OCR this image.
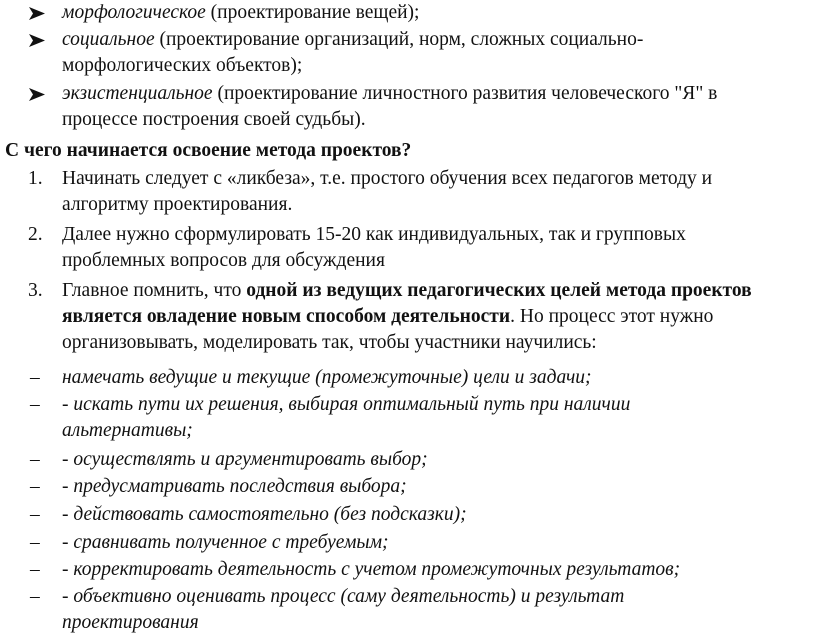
морфологическое (проектирование вещей);
социальное (проектирование организаций, норм, сложных социально-
морфологических объектов);
экзистенциальное (проектирование личностного развития человеческого "Я" в
процессе построения своей судьбы).
С чего начинается освоение метода проектов?
1. Начинать следует с «ликбеза», т.е. простого обучения всех педагогов методу и
алгоритму проектирования.
2. Далее нужно сформулировать 15-20 как индивидуальных, так и групповых
проблемных вопросов для обсуждения
3. Главное помнить, что одной из ведущих педагогических целей метода проектов
является овладение новым способом деятельности. Но процесс этот нужно
организовывать, моделировать так, чтобы участники научились:
– намечать ведущие и текущие (промежуточные) цели и задачи;
– - искать пути их решения, выбирая оптимальный путь при наличии
альтернативы;
– - осуществлять и аргументировать выбор;
– - предусматривать последствия выбора;
– - действовать самостоятельно (без подсказки);
– - сравнивать полученное с требуемым;
– - корректировать деятельность с учетом промежуточных результатов;
– - объективно оценивать процесс (саму деятельность) и результат
проектирования
